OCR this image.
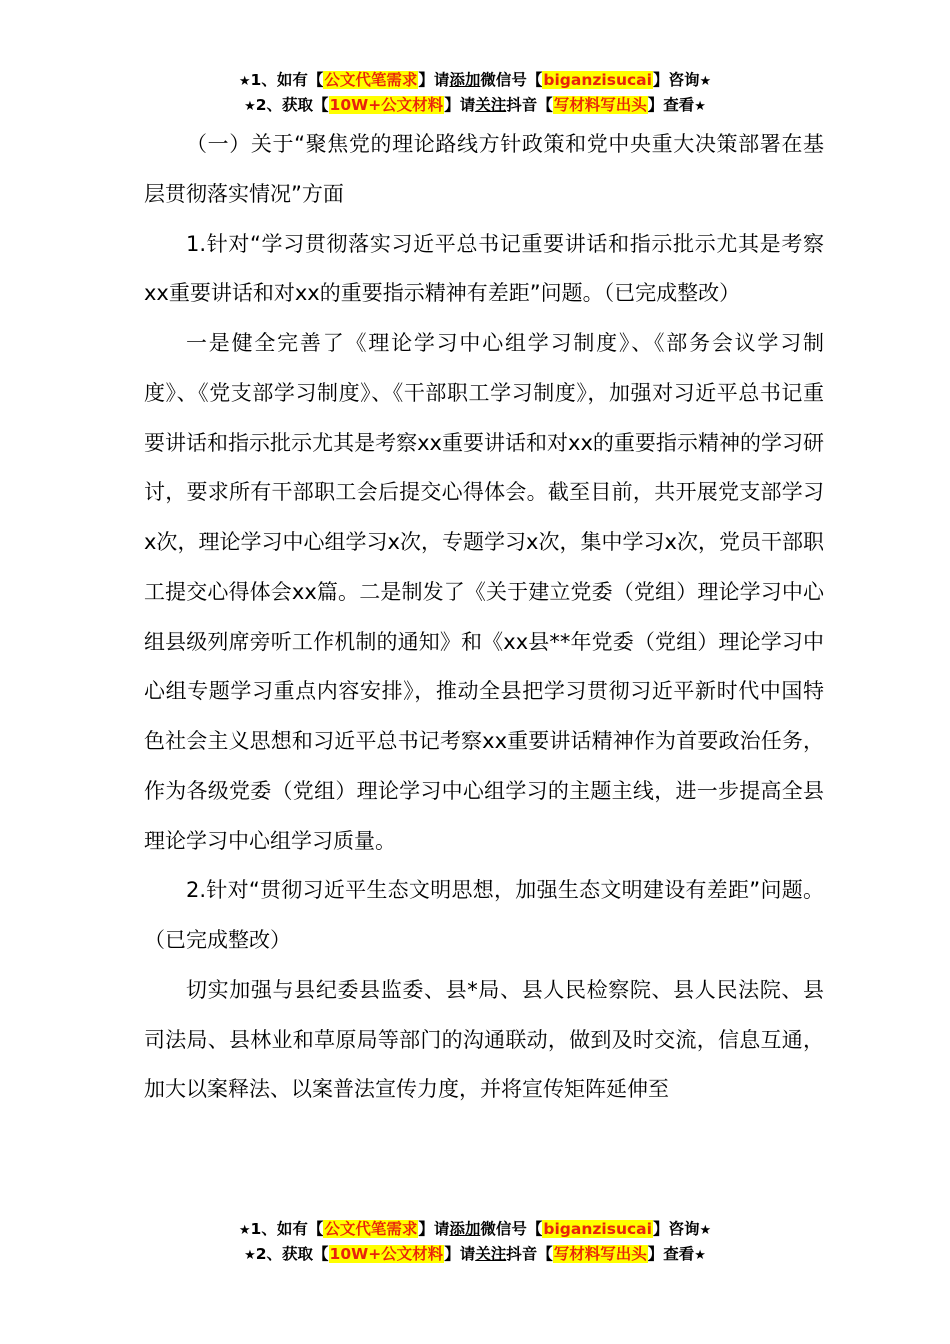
★1、如有【公文代笔需求】请添加微信号【biganzisucai】咨询★
★2、获取【10W+公文材料】请关注抖音【写材料写出头】查看★

（一）关于“聚焦党的理论路线方针政策和党中央重大决策部署在基层贯彻落实情况”方面

1.针对“学习贯彻落实习近平总书记重要讲话和指示批示尤其是考察xx重要讲话和对xx的重要指示精神有差距”问题。（已完成整改）

一是健全完善了《理论学习中心组学习制度》、《部务会议学习制度》、《党支部学习制度》、《干部职工学习制度》，加强对习近平总书记重要讲话和指示批示尤其是考察xx重要讲话和对xx的重要指示精神的学习研讨，要求所有干部职工会后提交心得体会。截至目前，共开展党支部学习x次，理论学习中心组学习x次，专题学习x次，集中学习x次，党员干部职工提交心得体会xx篇。二是制发了《关于建立党委（党组）理论学习中心组县级列席旁听工作机制的通知》和《xx县**年党委（党组）理论学习中心组专题学习重点内容安排》，推动全县把学习贯彻习近平新时代中国特色社会主义思想和习近平总书记考察xx重要讲话精神作为首要政治任务，作为各级党委（党组）理论学习中心组学习的主题主线，进一步提高全县理论学习中心组学习质量。

2.针对“贯彻习近平生态文明思想，加强生态文明建设有差距”问题。（已完成整改）

切实加强与县纪委县监委、县*局、县人民检察院、县人民法院、县司法局、县林业和草原局等部门的沟通联动，做到及时交流，信息互通，加大以案释法、以案普法宣传力度，并将宣传矩阵延伸至

★1、如有【公文代笔需求】请添加微信号【biganzisucai】咨询★
★2、获取【10W+公文材料】请关注抖音【写材料写出头】查看★
